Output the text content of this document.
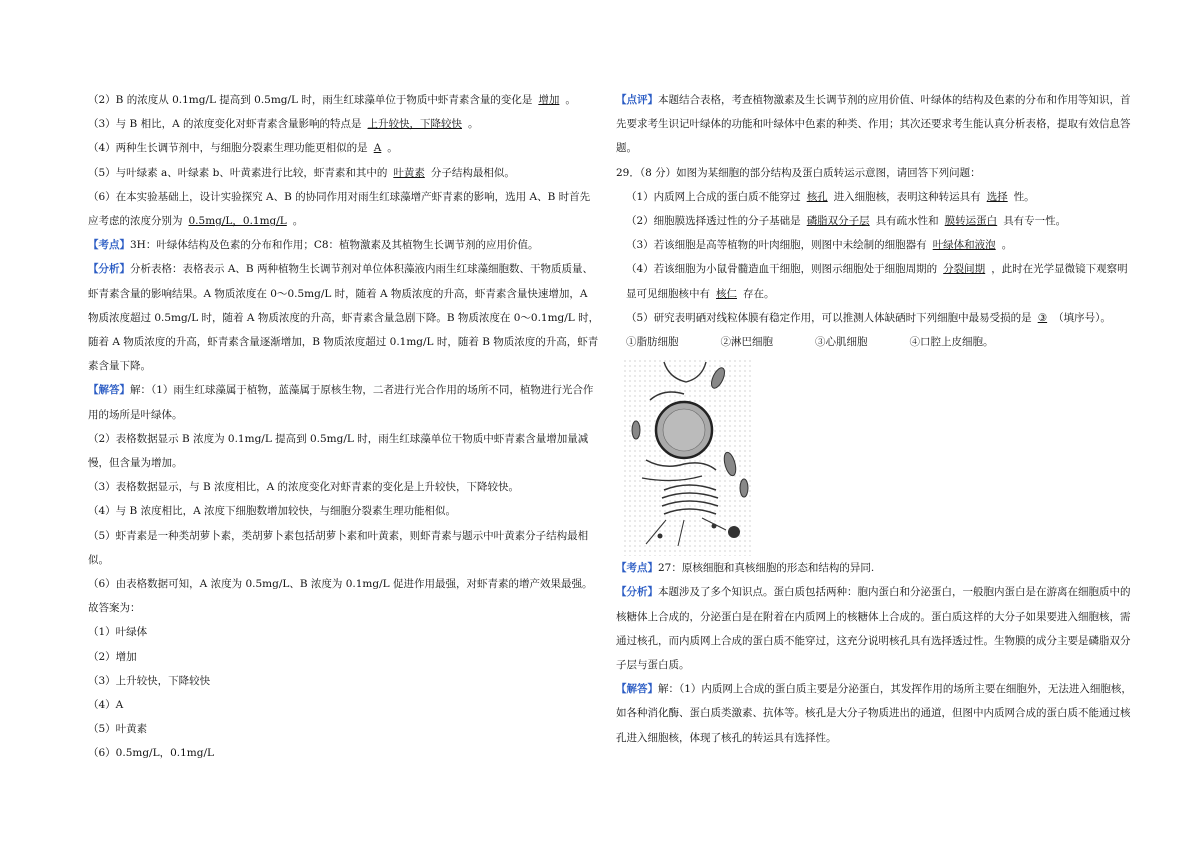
（2）B 的浓度从 0.1mg/L 提高到 0.5mg/L 时，雨生红球藻单位于物质中虾青素含量的变化是 增加 。

（3）与 B 相比，A 的浓度变化对虾青素含量影响的特点是 上升较快，下降较快 。

（4）两种生长调节剂中，与细胞分裂素生理功能更相似的是 A 。

（5）与叶绿素 a、叶绿素 b、叶黄素进行比较，虾青素和其中的 叶黄素 分子结构最相似。

（6）在本实验基础上，设计实验探究 A、B 的协同作用对雨生红球藻增产虾青素的影响，选用 A、B 时首先应考虑的浓度分别为 0.5mg/L，0.1mg/L 。

【考点】3H：叶绿体结构及色素的分布和作用；C8：植物激素及其植物生长调节剂的应用价值。

【分析】分析表格：表格表示 A、B 两种植物生长调节剂对单位体积藻液内雨生红球藻细胞数、干物质质量、虾青素含量的影响结果。A 物质浓度在 0～0.5mg/L 时，随着 A 物质浓度的升高，虾青素含量快速增加，A 物质浓度超过 0.5mg/L 时，随着 A 物质浓度的升高，虾青素含量急剧下降。B 物质浓度在 0～0.1mg/L 时，随着 A 物质浓度的升高，虾青素含量逐渐增加，B 物质浓度超过 0.1mg/L 时，随着 B 物质浓度的升高，虾青素含量下降。

【解答】解：（1）雨生红球藻属于植物，蓝藻属于原核生物，二者进行光合作用的场所不同，植物进行光合作用的场所是叶绿体。

（2）表格数据显示 B 浓度为 0.1mg/L 提高到 0.5mg/L 时，雨生红球藻单位干物质中虾青素含量增加量减慢，但含量为增加。

（3）表格数据显示，与 B 浓度相比，A 的浓度变化对虾青素的变化是上升较快，下降较快。

（4）与 B 浓度相比，A 浓度下细胞数增加较快，与细胞分裂素生理功能相似。

（5）虾青素是一种类胡萝卜素，类胡萝卜素包括胡萝卜素和叶黄素，则虾青素与题示中叶黄素分子结构最相似。

（6）由表格数据可知，A 浓度为 0.5mg/L、B 浓度为 0.1mg/L 促进作用最强，对虾青素的增产效果最强。

故答案为：

（1）叶绿体

（2）增加

（3）上升较快，下降较快

（4）A

（5）叶黄素

（6）0.5mg/L，0.1mg/L

【点评】本题结合表格，考查植物激素及生长调节剂的应用价值、叶绿体的结构及色素的分布和作用等知识，首先要求考生识记叶绿体的功能和叶绿体中色素的种类、作用；其次还要求考生能认真分析表格，提取有效信息答题。

29．（8 分）如图为某细胞的部分结构及蛋白质转运示意图，请回答下列问题：

（1）内质网上合成的蛋白质不能穿过 核孔 进入细胞核，表明这种转运具有 选择 性。

（2）细胞膜选择透过性的分子基础是 磷脂双分子层 具有疏水性和 膜转运蛋白 具有专一性。

（3）若该细胞是高等植物的叶肉细胞，则图中未绘制的细胞器有 叶绿体和液泡 。

（4）若该细胞为小鼠骨髓造血干细胞，则图示细胞处于细胞周期的 分裂间期 ，此时在光学显微镜下观察明显可见细胞核中有 核仁 存在。

（5）研究表明硒对线粒体膜有稳定作用，可以推测人体缺硒时下列细胞中最易受损的是 ③ （填序号）。

①脂肪细胞	②淋巴细胞	③心肌细胞	④口腔上皮细胞。

【考点】27：原核细胞和真核细胞的形态和结构的异同.

【分析】本题涉及了多个知识点。蛋白质包括两种：胞内蛋白和分泌蛋白，一般胞内蛋白是在游离在细胞质中的核糖体上合成的，分泌蛋白是在附着在内质网上的核糖体上合成的。蛋白质这样的大分子如果要进入细胞核，需通过核孔，而内质网上合成的蛋白质不能穿过，这充分说明核孔具有选择透过性。生物膜的成分主要是磷脂双分子层与蛋白质。

【解答】解：（1）内质网上合成的蛋白质主要是分泌蛋白，其发挥作用的场所主要在细胞外，无法进入细胞核，如各种消化酶、蛋白质类激素、抗体等。核孔是大分子物质进出的通道，但图中内质网合成的蛋白质不能通过核孔进入细胞核，体现了核孔的转运具有选择性。
